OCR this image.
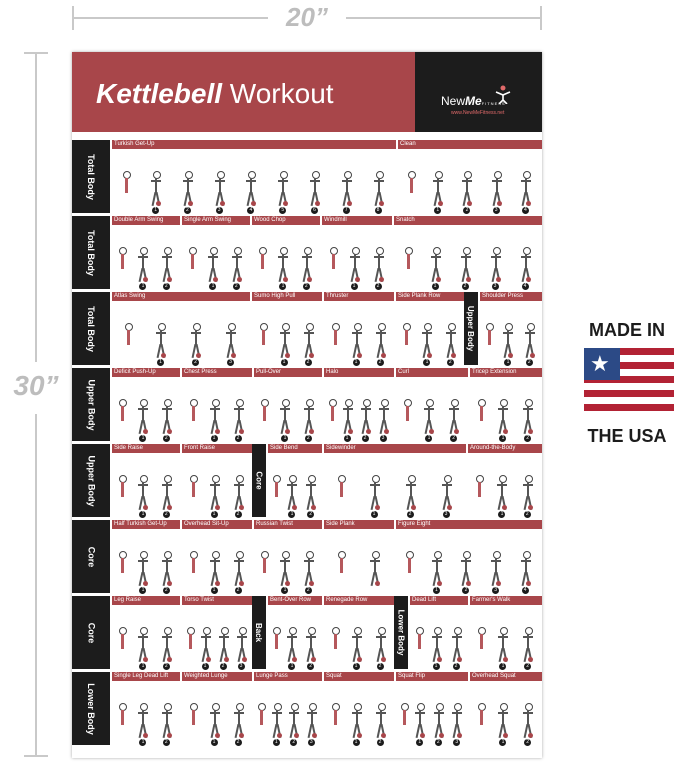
20”
30”
Kettlebell Workout	NewMeFITNESS
www.NewMeFitness.net
Total Body
Turkish Get-Up
1	2	3	4	5	6	7	8
Clean
1	2	3	4
Total Body
Double Arm Swing
1	2
Single Arm Swing
1	2
Wood Chop
1	2
Windmill
1	2
Snatch
1	2	3	4
Total Body
Atlas Swing
1	2	3
Sumo High Pull
1	2
Thruster
1	2
Side Plank Row
1	2
Upper Body
Shoulder Press
1	2
Upper Body
Deficit Push-Up
1	2
Chest Press
1	2
Pull-Over
1	2
Halo
1	2	3
Curl
1	2
Tricep Extension
1	2
Upper Body
Side Raise
1	2
Front Raise
1	2
Core
Side Bend
1	2
Sidewinder
1	2	3
Around-the-Body
1	2
Core
Half Turkish Get-Up
1	2
Overhead Sit-Up
1	2
Russian Twist
1	2
Side Plank	Figure Eight
1	2	3	4
Core
Leg Raise
1	2
Torso Twist
1	2	3
Back
Bent-Over Row
1	2
Renegade Row
1	2
Lower Body
Dead Lift
1	2
Farmer's Walk
1	2
Lower Body
Single Leg Dead Lift
1	2
Weighted Lunge
1	2
Lunge Pass
1	2	3
Squat
1	2
Squat Flip
1	2	3
Overhead Squat
1	2

MADE IN
★
THE USA
